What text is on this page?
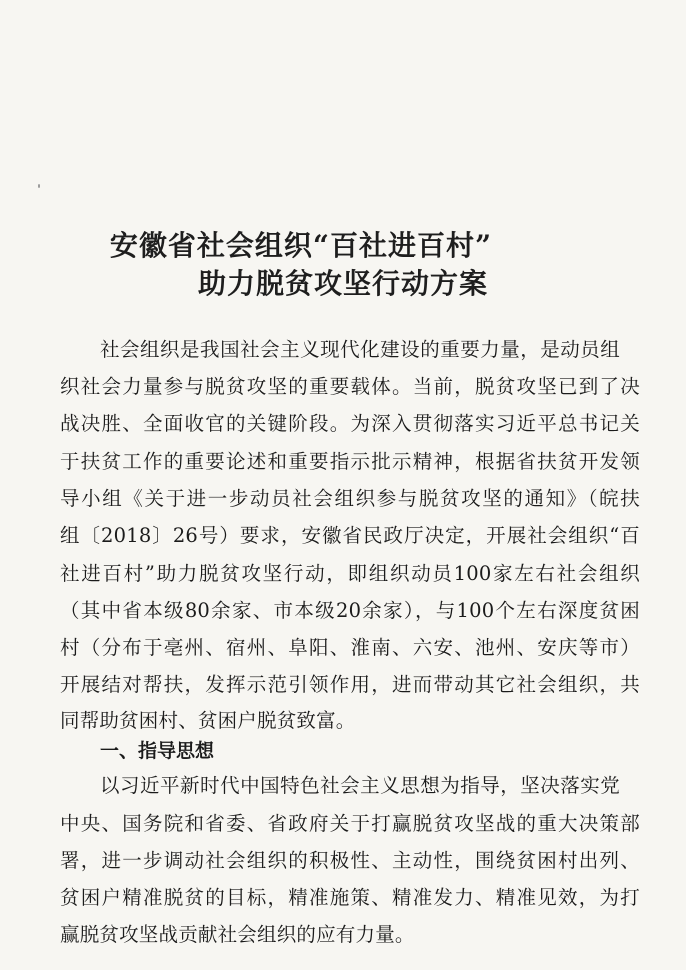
安徽省社会组织“百社进百村”
助力脱贫攻坚行动方案
社会组织是我国社会主义现代化建设的重要力量，是动员组
织社会力量参与脱贫攻坚的重要载体。当前，脱贫攻坚已到了决
战决胜、全面收官的关键阶段。为深入贯彻落实习近平总书记关
于扶贫工作的重要论述和重要指示批示精神，根据省扶贫开发领
导小组《关于进一步动员社会组织参与脱贫攻坚的通知》（皖扶
组〔2018〕26号）要求，安徽省民政厅决定，开展社会组织“百
社进百村”助力脱贫攻坚行动，即组织动员100家左右社会组织
（其中省本级80余家、市本级20余家），与100个左右深度贫困
村（分布于亳州、宿州、阜阳、淮南、六安、池州、安庆等市）
开展结对帮扶，发挥示范引领作用，进而带动其它社会组织，共
同帮助贫困村、贫困户脱贫致富。
一、指导思想
以习近平新时代中国特色社会主义思想为指导，坚决落实党
中央、国务院和省委、省政府关于打赢脱贫攻坚战的重大决策部
署，进一步调动社会组织的积极性、主动性，围绕贫困村出列、
贫困户精准脱贫的目标，精准施策、精准发力、精准见效，为打
赢脱贫攻坚战贡献社会组织的应有力量。
